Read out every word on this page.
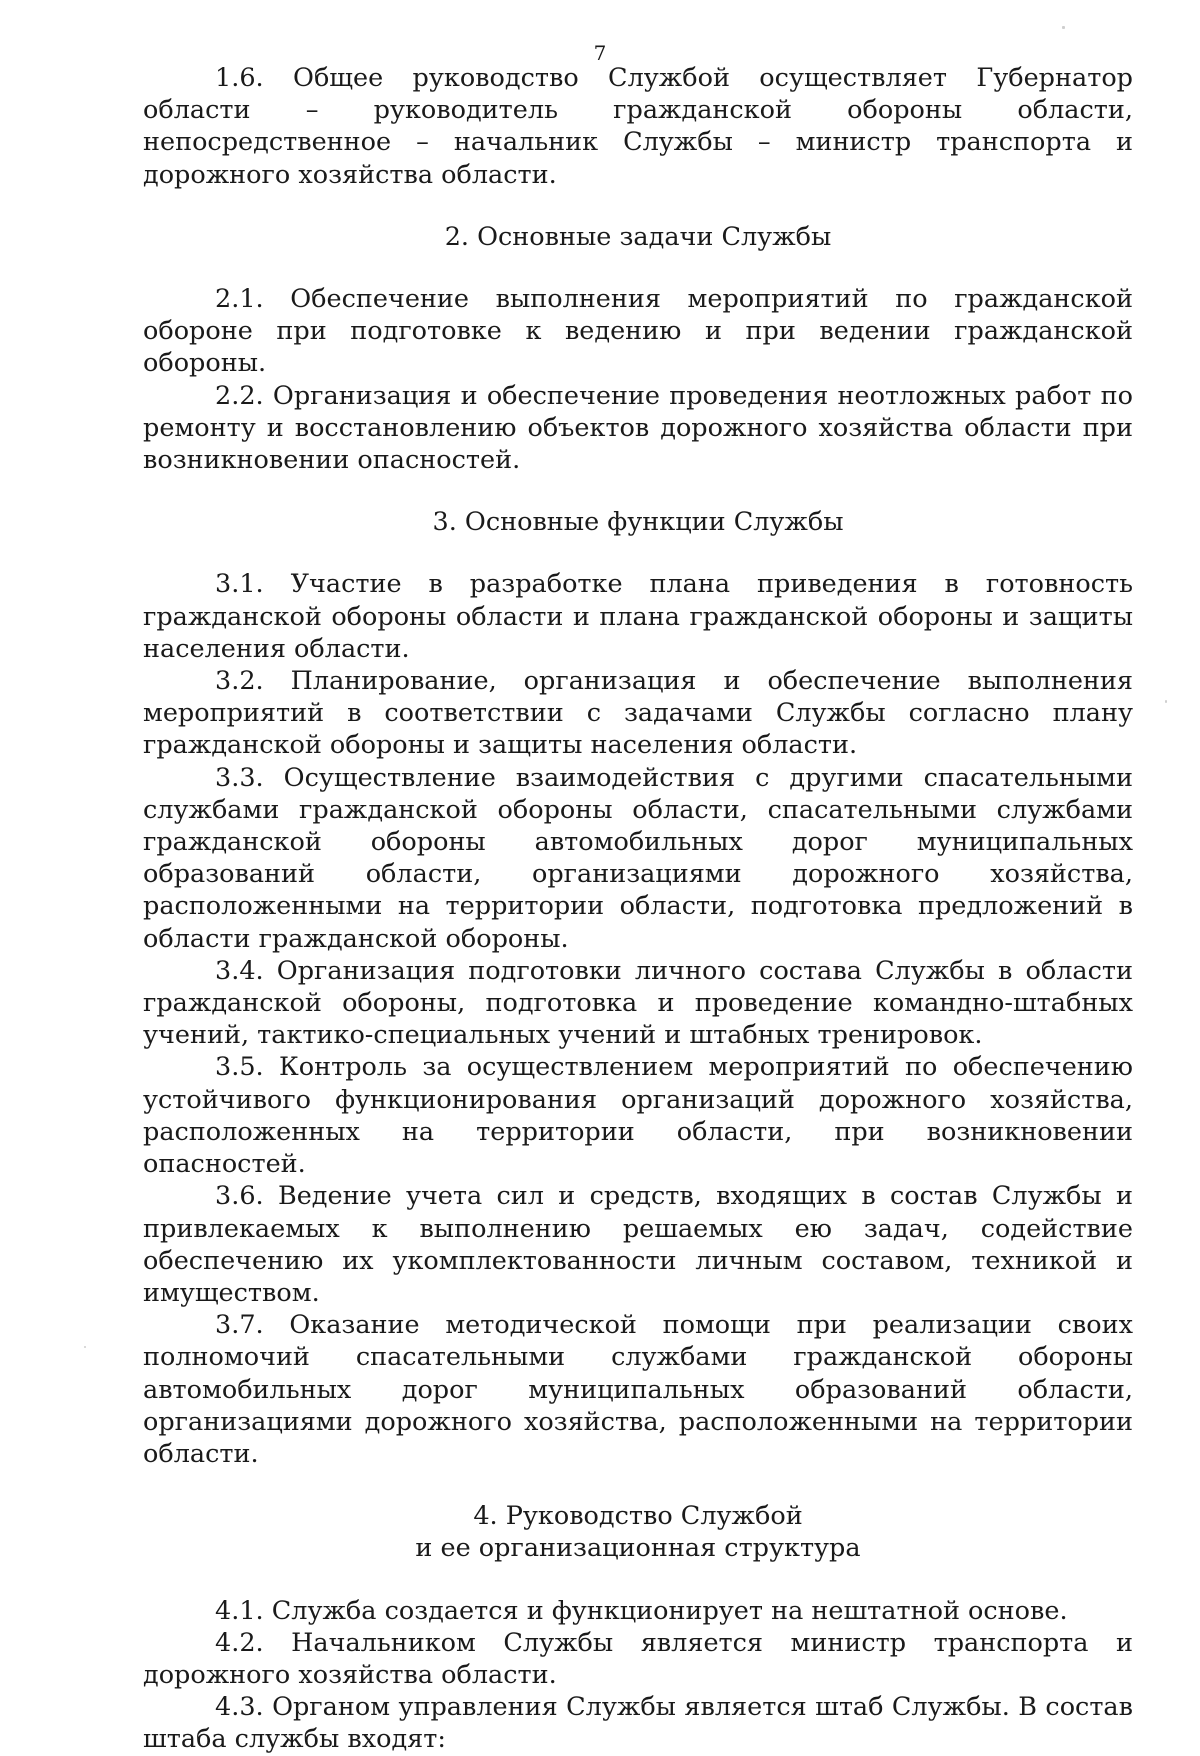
7

1.6. Общее руководство Службой осуществляет Губернатор области – руководитель гражданской обороны области, непосредственное – начальник Службы – министр транспорта и дорожного хозяйства области.

2. Основные задачи Службы

2.1. Обеспечение выполнения мероприятий по гражданской обороне при подготовке к ведению и при ведении гражданской обороны.

2.2. Организация и обеспечение проведения неотложных работ по ремонту и восстановлению объектов дорожного хозяйства области при возникновении опасностей.

3. Основные функции Службы

3.1. Участие в разработке плана приведения в готовность гражданской обороны области и плана гражданской обороны и защиты населения области.

3.2. Планирование, организация и обеспечение выполнения мероприятий в соответствии с задачами Службы согласно плану гражданской обороны и защиты населения области.

3.3. Осуществление взаимодействия с другими спасательными службами гражданской обороны области, спасательными службами гражданской обороны автомобильных дорог муниципальных образований области, организациями дорожного хозяйства, расположенными на территории области, подготовка предложений в области гражданской обороны.

3.4. Организация подготовки личного состава Службы в области гражданской обороны, подготовка и проведение командно-штабных учений, тактико-специальных учений и штабных тренировок.

3.5. Контроль за осуществлением мероприятий по обеспечению устойчивого функционирования организаций дорожного хозяйства, расположенных на территории области, при возникновении опасностей.

3.6. Ведение учета сил и средств, входящих в состав Службы и привлекаемых к выполнению решаемых ею задач, содействие обеспечению их укомплектованности личным составом, техникой и имуществом.

3.7. Оказание методической помощи при реализации своих полномочий спасательными службами гражданской обороны автомобильных дорог муниципальных образований области, организациями дорожного хозяйства, расположенными на территории области.

4. Руководство Службой
и ее организационная структура

4.1. Служба создается и функционирует на нештатной основе.

4.2. Начальником Службы является министр транспорта и дорожного хозяйства области.

4.3. Органом управления Службы является штаб Службы. В состав штаба службы входят:
